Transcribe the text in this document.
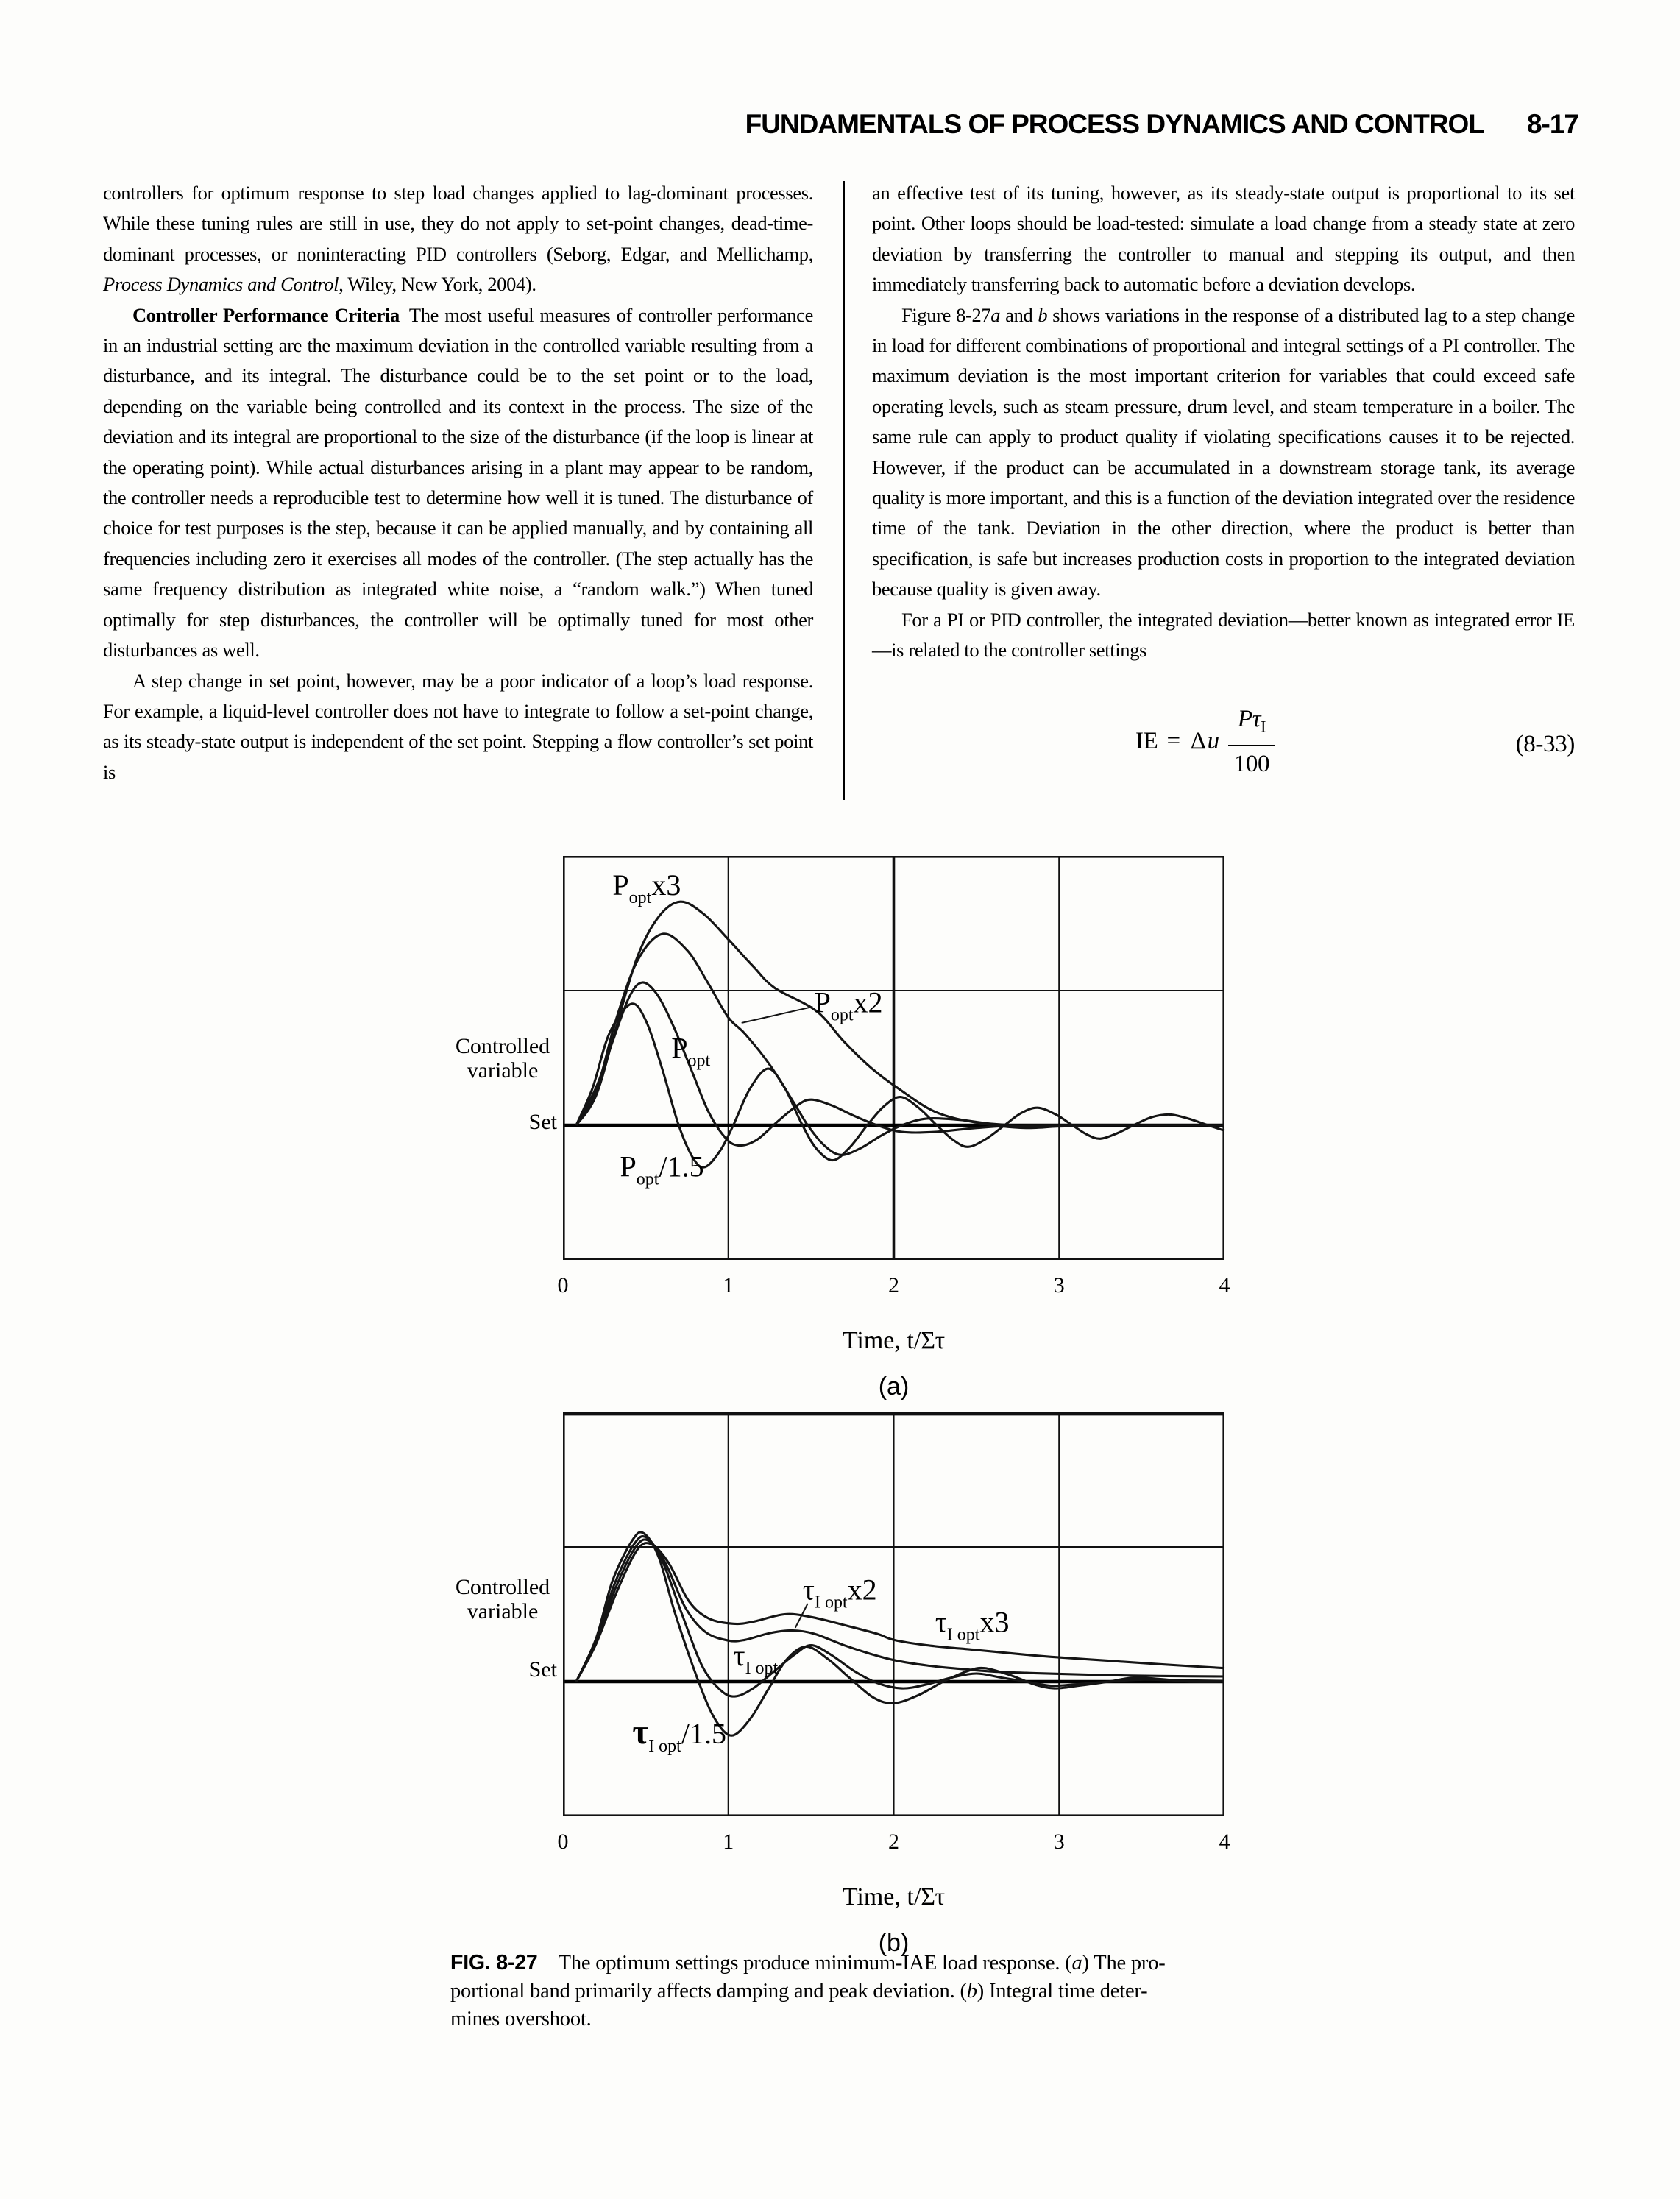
FUNDAMENTALS OF PROCESS DYNAMICS AND CONTROL 8-17

controllers for optimum response to step load changes applied to lag-dominant processes. While these tuning rules are still in use, they do not apply to set-point changes, dead-time-dominant processes, or noninteracting PID controllers (Seborg, Edgar, and Mellichamp, Process Dynamics and Control, Wiley, New York, 2004).

Controller Performance Criteria The most useful measures of controller performance in an industrial setting are the maximum deviation in the controlled variable resulting from a disturbance, and its integral. The disturbance could be to the set point or to the load, depending on the variable being controlled and its context in the process. The size of the deviation and its integral are proportional to the size of the disturbance (if the loop is linear at the operating point). While actual disturbances arising in a plant may appear to be random, the controller needs a reproducible test to determine how well it is tuned. The disturbance of choice for test purposes is the step, because it can be applied manually, and by containing all frequencies including zero it exercises all modes of the controller. (The step actually has the same frequency distribution as integrated white noise, a “random walk.”) When tuned optimally for step disturbances, the controller will be optimally tuned for most other disturbances as well.

A step change in set point, however, may be a poor indicator of a loop’s load response. For example, a liquid-level controller does not have to integrate to follow a set-point change, as its steady-state output is independent of the set point. Stepping a flow controller’s set point is

an effective test of its tuning, however, as its steady-state output is proportional to its set point. Other loops should be load-tested: simulate a load change from a steady state at zero deviation by transferring the controller to manual and stepping its output, and then immediately transferring back to automatic before a deviation develops.

Figure 8-27a and b shows variations in the response of a distributed lag to a step change in load for different combinations of proportional and integral settings of a PI controller. The maximum deviation is the most important criterion for variables that could exceed safe operating levels, such as steam pressure, drum level, and steam temperature in a boiler. The same rule can apply to product quality if violating specifications causes it to be rejected. However, if the product can be accumulated in a downstream storage tank, its average quality is more important, and this is a function of the deviation integrated over the residence time of the tank. Deviation in the other direction, where the product is better than specification, is safe but increases production costs in proportion to the integrated deviation because quality is given away.

For a PI or PID controller, the integrated deviation—better known as integrated error IE—is related to the controller settings

IE = Δu $\frac{P\tau_I}{100}$	(8-33)
$P_{opt}x3$
$P_{opt}x2$
$P_{opt}$
$P_{opt}/1.5$
0	1	2	3	4
Time, t/Στ
(a)
Controlled
variable
Set
$\tau_{I opt}x2$
$\tau_{I opt}x3$
$\tau_{I opt}$
$\tau_{I opt}/1.5$
0	1	2	3	4
Time, t/Στ
(b)
Controlled
variable
Set
FIG. 8-27  The optimum settings produce minimum-IAE load response. (a) The pro-
portional band primarily affects damping and peak deviation. (b) Integral time deter-
mines overshoot.
